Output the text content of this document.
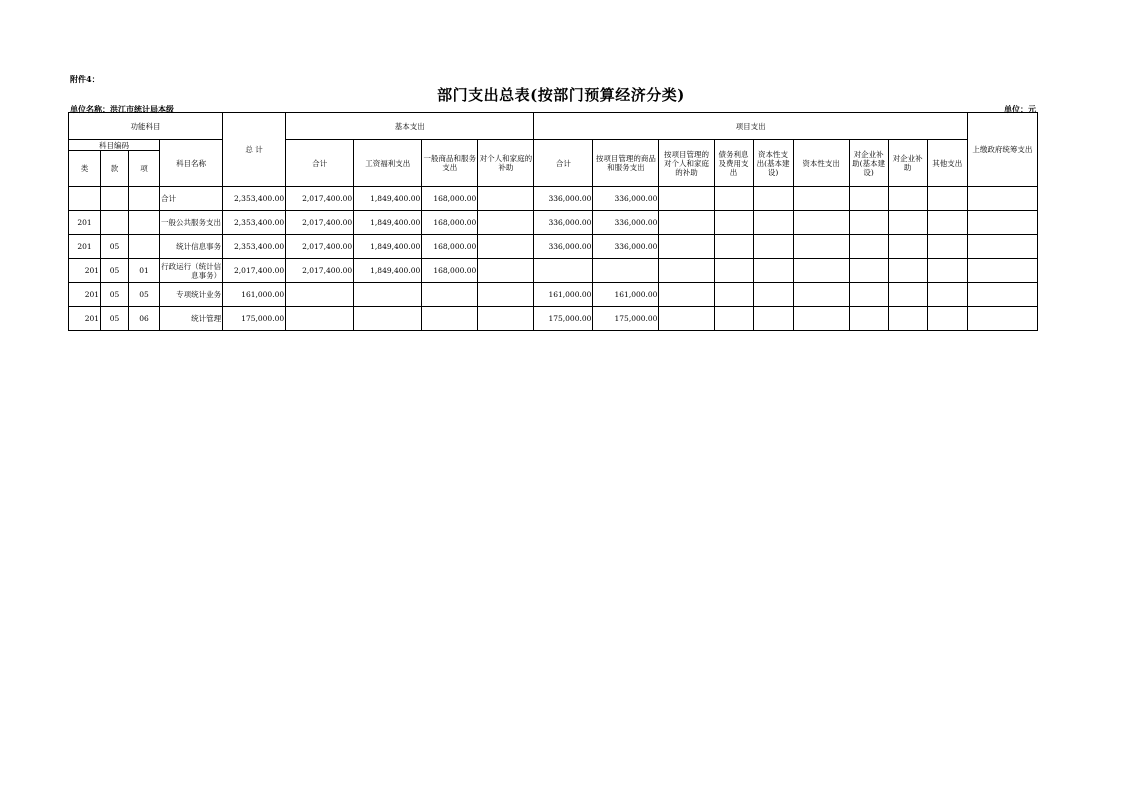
附件4：
部门支出总表(按部门预算经济分类)
单位名称：洪江市统计局本级	单位：元
功能科目				总 计	基本支出				项目支出									上缴政府统筹支出
科目编码			科目名称		合计	工资福利支出	一般商品和服务支出	对个人和家庭的补助	合计	按项目管理的商品和服务支出	按项目管理的对个人和家庭的补助	债务利息及费用支出	资本性支出(基本建设)	资本性支出	对企业补助(基本建设)	对企业补助	其他支出	
类	款	项																
			合计	2,353,400.00	2,017,400.00	1,849,400.00	168,000.00		336,000.00	336,000.00								
201			一般公共服务支出	2,353,400.00	2,017,400.00	1,849,400.00	168,000.00		336,000.00	336,000.00								
201	05		统计信息事务	2,353,400.00	2,017,400.00	1,849,400.00	168,000.00		336,000.00	336,000.00								
201	05	01	行政运行（统计信息事务）	2,017,400.00	2,017,400.00	1,849,400.00	168,000.00											
201	05	05	专项统计业务	161,000.00					161,000.00	161,000.00								
201	05	06	统计管理	175,000.00					175,000.00	175,000.00								
